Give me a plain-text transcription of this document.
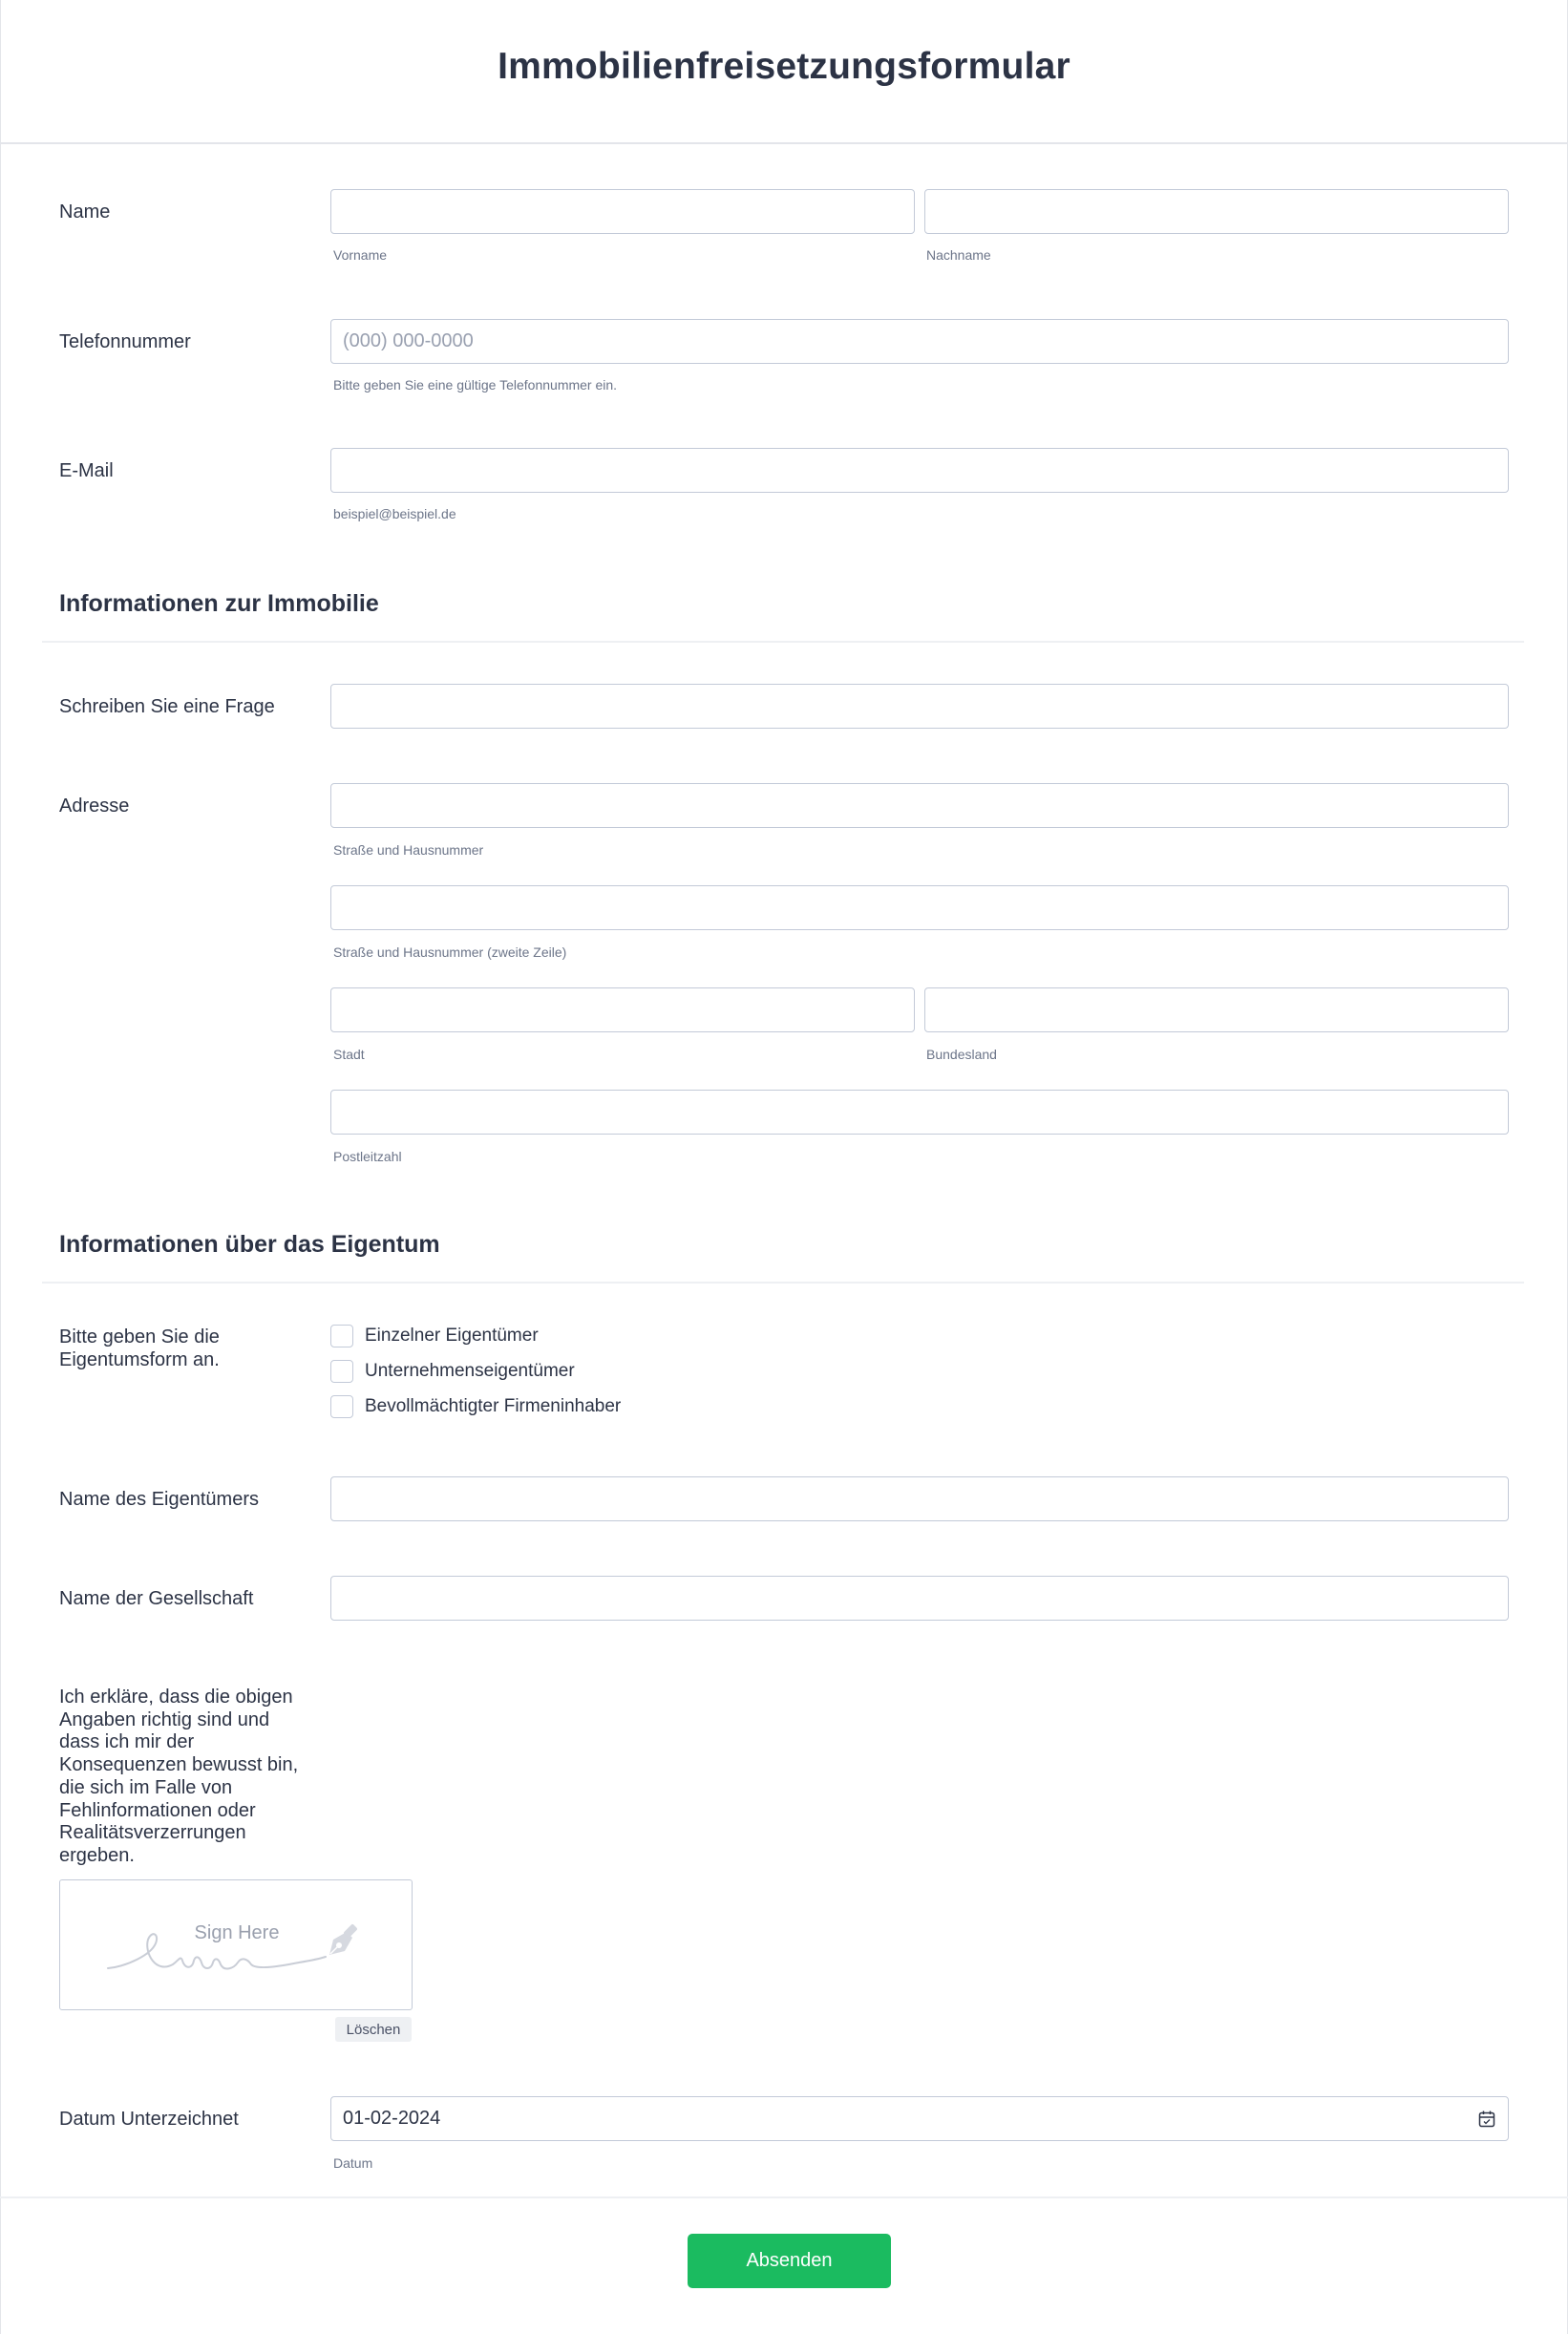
Immobilienfreisetzungsformular
Name
Vorname	Nachname
Telefonnummer	(000) 000-0000
Bitte geben Sie eine gültige Telefonnummer ein.
E-Mail
beispiel@beispiel.de
Informationen zur Immobilie
Schreiben Sie eine Frage
Adresse
Straße und Hausnummer
Straße und Hausnummer (zweite Zeile)
Stadt	Bundesland
Postleitzahl
Informationen über das Eigentum
Bitte geben Sie die
Eigentumsform an.
Einzelner Eigentümer
Unternehmenseigentümer
Bevollmächtigter Firmeninhaber
Name des Eigentümers
Name der Gesellschaft
Ich erkläre, dass die obigen
Angaben richtig sind und
dass ich mir der
Konsequenzen bewusst bin,
die sich im Falle von
Fehlinformationen oder
Realitätsverzerrungen
ergeben.
Sign Here
Löschen
Datum Unterzeichnet	01-02-2024
Datum
Absenden
